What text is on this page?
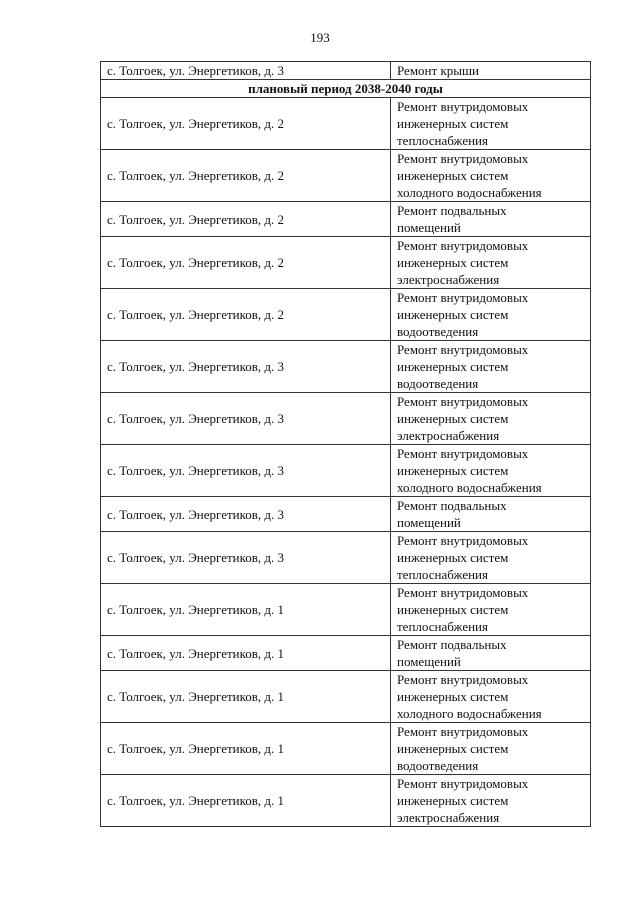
193
с. Толгоек, ул. Энергетиков, д. 3	Ремонт крыши
плановый период 2038-2040 годы	
с. Толгоек, ул. Энергетиков, д. 2	Ремонт внутридомовых
инженерных систем
теплоснабжения
с. Толгоек, ул. Энергетиков, д. 2	Ремонт внутридомовых
инженерных систем
холодного водоснабжения
с. Толгоек, ул. Энергетиков, д. 2	Ремонт подвальных
помещений
с. Толгоек, ул. Энергетиков, д. 2	Ремонт внутридомовых
инженерных систем
электроснабжения
с. Толгоек, ул. Энергетиков, д. 2	Ремонт внутридомовых
инженерных систем
водоотведения
с. Толгоек, ул. Энергетиков, д. 3	Ремонт внутридомовых
инженерных систем
водоотведения
с. Толгоек, ул. Энергетиков, д. 3	Ремонт внутридомовых
инженерных систем
электроснабжения
с. Толгоек, ул. Энергетиков, д. 3	Ремонт внутридомовых
инженерных систем
холодного водоснабжения
с. Толгоек, ул. Энергетиков, д. 3	Ремонт подвальных
помещений
с. Толгоек, ул. Энергетиков, д. 3	Ремонт внутридомовых
инженерных систем
теплоснабжения
с. Толгоек, ул. Энергетиков, д. 1	Ремонт внутридомовых
инженерных систем
теплоснабжения
с. Толгоек, ул. Энергетиков, д. 1	Ремонт подвальных
помещений
с. Толгоек, ул. Энергетиков, д. 1	Ремонт внутридомовых
инженерных систем
холодного водоснабжения
с. Толгоек, ул. Энергетиков, д. 1	Ремонт внутридомовых
инженерных систем
водоотведения
с. Толгоек, ул. Энергетиков, д. 1	Ремонт внутридомовых
инженерных систем
электроснабжения
